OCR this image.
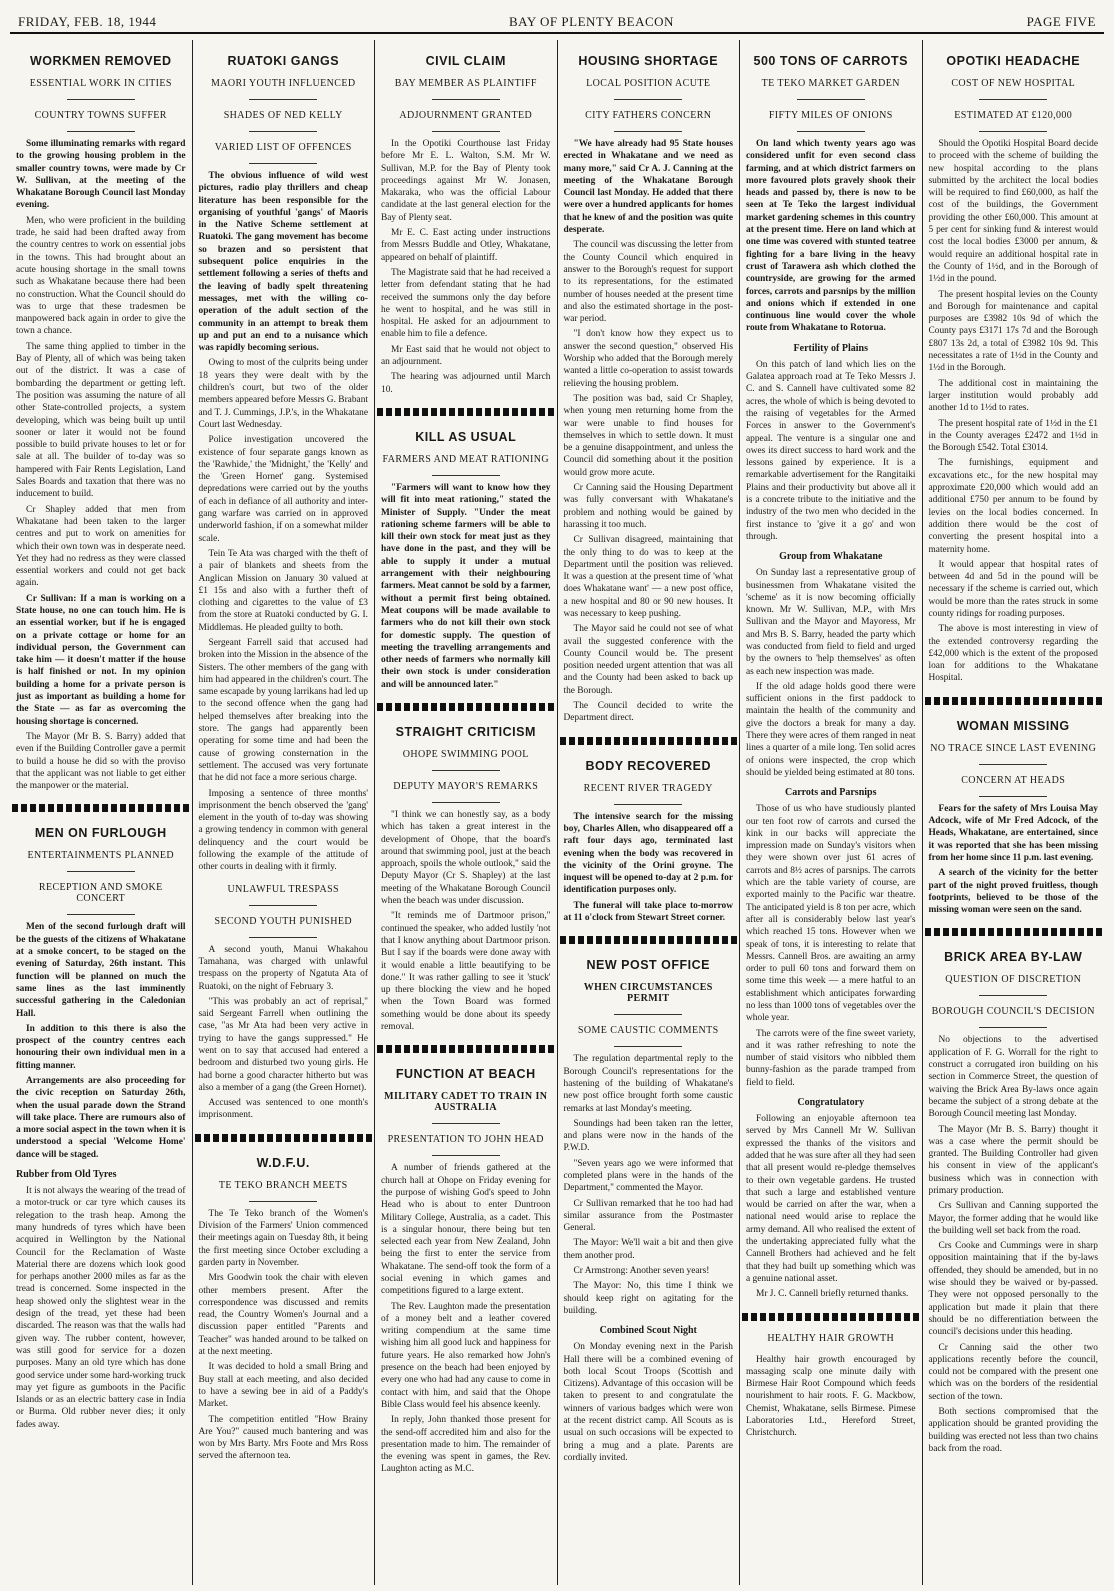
FRIDAY, FEB. 18, 1944	BAY OF PLENTY BEACON	PAGE FIVE
WORKMEN REMOVED
ESSENTIAL WORK IN CITIES
COUNTRY TOWNS SUFFER

Some illuminating remarks with regard to the growing housing problem in the smaller country towns, were made by Cr W. Sullivan, at the meeting of the Whakatane Borough Council last Monday evening.

Men, who were proficient in the building trade, he said had been drafted away from the country centres to work on essential jobs in the towns. This had brought about an acute housing shortage in the small towns such as Whakatane because there had been no construction. What the Council should do was to urge that these tradesmen be manpowered back again in order to give the town a chance.

The same thing applied to timber in the Bay of Plenty, all of which was being taken out of the district. It was a case of bombarding the department or getting left. The position was assuming the nature of all other State-controlled projects, a system developing, which was being built up until sooner or later it would not be found possible to build private houses to let or for sale at all. The builder of to-day was so hampered with Fair Rents Legislation, Land Sales Boards and taxation that there was no inducement to build.

Cr Shapley added that men from Whakatane had been taken to the larger centres and put to work on amenities for which their own town was in desperate need. Yet they had no redress as they were classed essential workers and could not get back again.

Cr Sullivan: If a man is working on a State house, no one can touch him. He is an essential worker, but if he is engaged on a private cottage or home for an individual person, the Government can take him — it doesn't matter if the house is half finished or not. In my opinion building a home for a private person is just as important as building a home for the State — as far as overcoming the housing shortage is concerned.

The Mayor (Mr B. S. Barry) added that even if the Building Controller gave a permit to build a house he did so with the proviso that the applicant was not liable to get either the manpower or the material.

MEN ON FURLOUGH
ENTERTAINMENTS PLANNED
RECEPTION AND SMOKE CONCERT

Men of the second furlough draft will be the guests of the citizens of Whakatane at a smoke concert, to be staged on the evening of Saturday, 26th instant. This function will be planned on much the same lines as the last imminently successful gathering in the Caledonian Hall.

In addition to this there is also the prospect of the country centres each honouring their own individual men in a fitting manner.

Arrangements are also proceeding for the civic reception on Saturday 26th, when the usual parade down the Strand will take place. There are rumours also of a more social aspect in the town when it is understood a special 'Welcome Home' dance will be staged.

Rubber from Old Tyres

It is not always the wearing of the tread of a motor-truck or car tyre which causes its relegation to the trash heap. Among the many hundreds of tyres which have been acquired in Wellington by the National Council for the Reclamation of Waste Material there are dozens which look good for perhaps another 2000 miles as far as the tread is concerned. Some inspected in the heap showed only the slightest wear in the design of the tread, yet these had been discarded. The reason was that the walls had given way. The rubber content, however, was still good for service for a dozen purposes. Many an old tyre which has done good service under some hard-working truck may yet figure as gumboots in the Pacific Islands or as an electric battery case in India or Burma. Old rubber never dies; it only fades away.

RUATOKI GANGS
MAORI YOUTH INFLUENCED
SHADES OF NED KELLY
VARIED LIST OF OFFENCES

The obvious influence of wild west pictures, radio play thrillers and cheap literature has been responsible for the organising of youthful 'gangs' of Maoris in the Native Scheme settlement at Ruatoki. The gang movement has become so brazen and so persistent that subsequent police enquiries in the settlement following a series of thefts and the leaving of badly spelt threatening messages, met with the willing co-operation of the adult section of the community in an attempt to break them up and put an end to a nuisance which was rapidly becoming serious.

Owing to most of the culprits being under 18 years they were dealt with by the children's court, but two of the older members appeared before Messrs G. Brabant and T. J. Cummings, J.P.'s, in the Whakatane Court last Wednesday.

Police investigation uncovered the existence of four separate gangs known as the 'Rawhide,' the 'Midnight,' the 'Kelly' and the 'Green Hornet' gang. Systemised depredations were carried out by the youths of each in defiance of all authority and inter-gang warfare was carried on in approved underworld fashion, if on a somewhat milder scale.

Tein Te Ata was charged with the theft of a pair of blankets and sheets from the Anglican Mission on January 30 valued at £1 15s and also with a further theft of clothing and cigarettes to the value of £3 from the store at Ruatoki conducted by G. I. Middlemas. He pleaded guilty to both.

Sergeant Farrell said that accused had broken into the Mission in the absence of the Sisters. The other members of the gang with him had appeared in the children's court. The same escapade by young larrikans had led up to the second offence when the gang had helped themselves after breaking into the store. The gangs had apparently been operating for some time and had been the cause of growing consternation in the settlement. The accused was very fortunate that he did not face a more serious charge.

Imposing a sentence of three months' imprisonment the bench observed the 'gang' element in the youth of to-day was showing a growing tendency in common with general delinquency and the court would be following the example of the attitude of other courts in dealing with it firmly.

UNLAWFUL TRESPASS
SECOND YOUTH PUNISHED

A second youth, Manui Whakahou Tamahana, was charged with unlawful trespass on the property of Ngatuta Ata of Ruatoki, on the night of February 3.

"This was probably an act of reprisal," said Sergeant Farrell when outlining the case, "as Mr Ata had been very active in trying to have the gangs suppressed." He went on to say that accused had entered a bedroom and disturbed two young girls. He had borne a good character hitherto but was also a member of a gang (the Green Hornet).

Accused was sentenced to one month's imprisonment.

W.D.F.U.
TE TEKO BRANCH MEETS

The Te Teko branch of the Women's Division of the Farmers' Union commenced their meetings again on Tuesday 8th, it being the first meeting since October excluding a garden party in November.

Mrs Goodwin took the chair with eleven other members present. After the correspondence was discussed and remits read, the Country Women's Journal and a discussion paper entitled "Parents and Teacher" was handed around to be talked on at the next meeting.

It was decided to hold a small Bring and Buy stall at each meeting, and also decided to have a sewing bee in aid of a Paddy's Market.

The competition entitled "How Brainy Are You?" caused much bantering and was won by Mrs Barty. Mrs Foote and Mrs Ross served the afternoon tea.

CIVIL CLAIM
BAY MEMBER AS PLAINTIFF
ADJOURNMENT GRANTED

In the Opotiki Courthouse last Friday before Mr E. L. Walton, S.M. Mr W. Sullivan, M.P. for the Bay of Plenty took proceedings against Mr W. Jonasen, Makaraka, who was the official Labour candidate at the last general election for the Bay of Plenty seat.

Mr E. C. East acting under instructions from Messrs Buddle and Otley, Whakatane, appeared on behalf of plaintiff.

The Magistrate said that he had received a letter from defendant stating that he had received the summons only the day before he went to hospital, and he was still in hospital. He asked for an adjournment to enable him to file a defence.

Mr East said that he would not object to an adjournment.

The hearing was adjourned until March 10.

KILL AS USUAL
FARMERS AND MEAT RATIONING

"Farmers will want to know how they will fit into meat rationing," stated the Minister of Supply. "Under the meat rationing scheme farmers will be able to kill their own stock for meat just as they have done in the past, and they will be able to supply it under a mutual arrangement with their neighbouring farmers. Meat cannot be sold by a farmer, without a permit first being obtained. Meat coupons will be made available to farmers who do not kill their own stock for domestic supply. The question of meeting the travelling arrangements and other needs of farmers who normally kill their own stock is under consideration and will be announced later."

STRAIGHT CRITICISM
OHOPE SWIMMING POOL
DEPUTY MAYOR'S REMARKS

"I think we can honestly say, as a body which has taken a great interest in the development of Ohope, that the board's around that swimming pool, just at the beach approach, spoils the whole outlook," said the Deputy Mayor (Cr S. Shapley) at the last meeting of the Whakatane Borough Council when the beach was under discussion.

"It reminds me of Dartmoor prison," continued the speaker, who added lustily 'not that I know anything about Dartmoor prison. But I say if the boards were done away with it would enable a little beautifying to be done." It was rather galling to see it 'stuck' up there blocking the view and he hoped when the Town Board was formed something would be done about its speedy removal.

FUNCTION AT BEACH
MILITARY CADET TO TRAIN IN AUSTRALIA
PRESENTATION TO JOHN HEAD

A number of friends gathered at the church hall at Ohope on Friday evening for the purpose of wishing God's speed to John Head who is about to enter Duntroon Military College, Australia, as a cadet. This is a singular honour, there being but ten selected each year from New Zealand, John being the first to enter the service from Whakatane. The send-off took the form of a social evening in which games and competitions figured to a large extent.

The Rev. Laughton made the presentation of a money belt and a leather covered writing compendium at the same time wishing him all good luck and happiness for future years. He also remarked how John's presence on the beach had been enjoyed by every one who had had any cause to come in contact with him, and said that the Ohope Bible Class would feel his absence keenly.

In reply, John thanked those present for the send-off accredited him and also for the presentation made to him. The remainder of the evening was spent in games, the Rev. Laughton acting as M.C.

HOUSING SHORTAGE
LOCAL POSITION ACUTE
CITY FATHERS CONCERN

"We have already had 95 State houses erected in Whakatane and we need as many more," said Cr A. J. Canning at the meeting of the Whakatane Borough Council last Monday. He added that there were over a hundred applicants for homes that he knew of and the position was quite desperate.

The council was discussing the letter from the County Council which enquired in answer to the Borough's request for support to its representations, for the estimated number of houses needed at the present time and also the estimated shortage in the post-war period.

"I don't know how they expect us to answer the second question," observed His Worship who added that the Borough merely wanted a little co-operation to assist towards relieving the housing problem.

The position was bad, said Cr Shapley, when young men returning home from the war were unable to find houses for themselves in which to settle down. It must be a genuine disappointment, and unless the Council did something about it the position would grow more acute.

Cr Canning said the Housing Department was fully conversant with Whakatane's problem and nothing would be gained by harassing it too much.

Cr Sullivan disagreed, maintaining that the only thing to do was to keep at the Department until the position was relieved. It was a question at the present time of 'what does Whakatane want' — a new post office, a new hospital and 80 or 90 new houses. It was necessary to keep pushing.

The Mayor said he could not see of what avail the suggested conference with the County Council would be. The present position needed urgent attention that was all and the County had been asked to back up the Borough.

The Council decided to write the Department direct.

BODY RECOVERED
RECENT RIVER TRAGEDY

The intensive search for the missing boy, Charles Allen, who disappeared off a raft four days ago, terminated last evening when the body was recovered in the vicinity of the Orini groyne. The inquest will be opened to-day at 2 p.m. for identification purposes only.

The funeral will take place to-morrow at 11 o'clock from Stewart Street corner.

NEW POST OFFICE
WHEN CIRCUMSTANCES PERMIT
SOME CAUSTIC COMMENTS

The regulation departmental reply to the Borough Council's representations for the hastening of the building of Whakatane's new post office brought forth some caustic remarks at last Monday's meeting.

Soundings had been taken ran the letter, and plans were now in the hands of the P.W.D.

"Seven years ago we were informed that completed plans were in the hands of the Department," commented the Mayor.

Cr Sullivan remarked that he too had had similar assurance from the Postmaster General.

The Mayor: We'll wait a bit and then give them another prod.

Cr Armstrong: Another seven years!

The Mayor: No, this time I think we should keep right on agitating for the building.

Combined Scout Night

On Monday evening next in the Parish Hall there will be a combined evening of both local Scout Troops (Scottish and Citizens). Advantage of this occasion will be taken to present to and congratulate the winners of various badges which were won at the recent district camp. All Scouts as is usual on such occasions will be expected to bring a mug and a plate. Parents are cordially invited.

500 TONS OF CARROTS
TE TEKO MARKET GARDEN
FIFTY MILES OF ONIONS

On land which twenty years ago was considered unfit for even second class farming, and at which district farmers on more favoured plots gravely shook their heads and passed by, there is now to be seen at Te Teko the largest individual market gardening schemes in this country at the present time. Here on land which at one time was covered with stunted teatree fighting for a bare living in the heavy crust of Tarawera ash which clothed the countryside, are growing for the armed forces, carrots and parsnips by the million and onions which if extended in one continuous line would cover the whole route from Whakatane to Rotorua.

Fertility of Plains

On this patch of land which lies on the Galatea approach road at Te Teko Messrs J. C. and S. Cannell have cultivated some 82 acres, the whole of which is being devoted to the raising of vegetables for the Armed Forces in answer to the Government's appeal. The venture is a singular one and owes its direct success to hard work and the lessons gained by experience. It is a remarkable advertisement for the Rangitaiki Plains and their productivity but above all it is a concrete tribute to the initiative and the industry of the two men who decided in the first instance to 'give it a go' and won through.

Group from Whakatane

On Sunday last a representative group of businessmen from Whakatane visited the 'scheme' as it is now becoming officially known. Mr W. Sullivan, M.P., with Mrs Sullivan and the Mayor and Mayoress, Mr and Mrs B. S. Barry, headed the party which was conducted from field to field and urged by the owners to 'help themselves' as often as each new inspection was made.

If the old adage holds good there were sufficient onions in the first paddock to maintain the health of the community and give the doctors a break for many a day. There they were acres of them ranged in neat lines a quarter of a mile long. Ten solid acres of onions were inspected, the crop which should be yielded being estimated at 80 tons.

Carrots and Parsnips

Those of us who have studiously planted our ten foot row of carrots and cursed the kink in our backs will appreciate the impression made on Sunday's visitors when they were shown over just 61 acres of carrots and 8½ acres of parsnips. The carrots which are the table variety of course, are exported mainly to the Pacific war theatre. The anticipated yield is 8 ton per acre, which after all is considerably below last year's which reached 15 tons. However when we speak of tons, it is interesting to relate that Messrs. Cannell Bros. are awaiting an army order to pull 60 tons and forward them on some time this week — a mere hatful to an establishment which anticipates forwarding no less than 1000 tons of vegetables over the whole year.

The carrots were of the fine sweet variety, and it was rather refreshing to note the number of staid visitors who nibbled them bunny-fashion as the parade tramped from field to field.

Congratulatory

Following an enjoyable afternoon tea served by Mrs Cannell Mr W. Sullivan expressed the thanks of the visitors and added that he was sure after all they had seen that all present would re-pledge themselves to their own vegetable gardens. He trusted that such a large and established venture would be carried on after the war, when a national need would arise to replace the army demand. All who realised the extent of the undertaking appreciated fully what the Cannell Brothers had achieved and he felt that they had built up something which was a genuine national asset.

Mr J. C. Cannell briefly returned thanks.

HEALTHY HAIR GROWTH

Healthy hair growth encouraged by massaging scalp one minute daily with Birmese Hair Root Compound which feeds nourishment to hair roots. F. G. Mackbow, Chemist, Whakatane, sells Birmese. Pimese Laboratories Ltd., Hereford Street, Christchurch.

OPOTIKI HEADACHE
COST OF NEW HOSPITAL
ESTIMATED AT £120,000

Should the Opotiki Hospital Board decide to proceed with the scheme of building the new hospital according to the plans submitted by the architect the local bodies will be required to find £60,000, as half the cost of the buildings, the Government providing the other £60,000. This amount at 5 per cent for sinking fund & interest would cost the local bodies £3000 per annum, & would require an additional hospital rate in the County of 1½d, and in the Borough of 1½d in the pound.

The present hospital levies on the County and Borough for maintenance and capital purposes are £3982 10s 9d of which the County pays £3171 17s 7d and the Borough £807 13s 2d, a total of £3982 10s 9d. This necessitates a rate of 1½d in the County and 1½d in the Borough.

The additional cost in maintaining the larger institution would probably add another 1d to 1½d to rates.

The present hospital rate of 1½d in the £1 in the County averages £2472 and 1½d in the Borough £542. Total £3014.

The furnishings, equipment and excavations etc., for the new hospital may approximate £20,000 which would add an additional £750 per annum to be found by levies on the local bodies concerned. In addition there would be the cost of converting the present hospital into a maternity home.

It would appear that hospital rates of between 4d and 5d in the pound will be necessary if the scheme is carried out, which would be more than the rates struck in some county ridings for roading purposes.

The above is most interesting in view of the extended controversy regarding the £42,000 which is the extent of the proposed loan for additions to the Whakatane Hospital.

WOMAN MISSING
NO TRACE SINCE LAST EVENING
CONCERN AT HEADS

Fears for the safety of Mrs Louisa May Adcock, wife of Mr Fred Adcock, of the Heads, Whakatane, are entertained, since it was reported that she has been missing from her home since 11 p.m. last evening.

A search of the vicinity for the better part of the night proved fruitless, though footprints, believed to be those of the missing woman were seen on the sand.

BRICK AREA BY-LAW
QUESTION OF DISCRETION
BOROUGH COUNCIL'S DECISION

No objections to the advertised application of F. G. Worrall for the right to construct a corrugated iron building on his section in Commerce Street, the question of waiving the Brick Area By-laws once again became the subject of a strong debate at the Borough Council meeting last Monday.

The Mayor (Mr B. S. Barry) thought it was a case where the permit should be granted. The Building Controller had given his consent in view of the applicant's business which was in connection with primary production.

Crs Sullivan and Canning supported the Mayor, the former adding that he would like the building well set back from the road.

Crs Cooke and Cummings were in sharp opposition maintaining that if the by-laws offended, they should be amended, but in no wise should they be waived or by-passed. They were not opposed personally to the application but made it plain that there should be no differentiation between the council's decisions under this heading.

Cr Canning said the other two applications recently before the council, could not be compared with the present one which was on the borders of the residential section of the town.

Both sections compromised that the application should be granted providing the building was erected not less than two chains back from the road.
